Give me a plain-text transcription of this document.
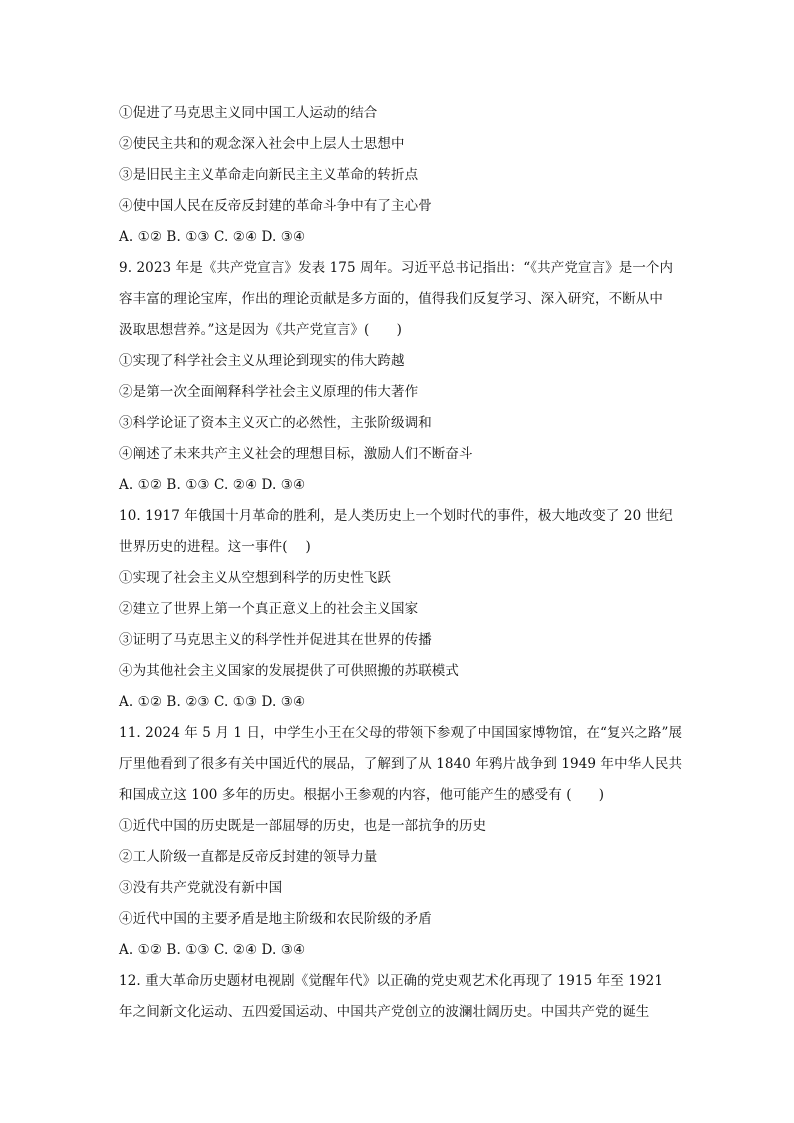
①促进了马克思主义同中国工人运动的结合
②使民主共和的观念深入社会中上层人士思想中
③是旧民主主义革命走向新民主主义革命的转折点
④使中国人民在反帝反封建的革命斗争中有了主心骨
A. ①② B. ①③ C. ②④ D. ③④
9. 2023 年是《共产党宣言》发表 175 周年。习近平总书记指出：“《共产党宣言》是一个内
容丰富的理论宝库，作出的理论贡献是多方面的，值得我们反复学习、深入研究，不断从中
汲取思想营养。”这是因为《共产党宣言》(　　)
①实现了科学社会主义从理论到现实的伟大跨越
②是第一次全面阐释科学社会主义原理的伟大著作
③科学论证了资本主义灭亡的必然性，主张阶级调和
④阐述了未来共产主义社会的理想目标，激励人们不断奋斗
A. ①② B. ①③ C. ②④ D. ③④
10. 1917 年俄国十月革命的胜利，是人类历史上一个划时代的事件，极大地改变了 20 世纪
世界历史的进程。这一事件(　 )
①实现了社会主义从空想到科学的历史性飞跃
②建立了世界上第一个真正意义上的社会主义国家
③证明了马克思主义的科学性并促进其在世界的传播
④为其他社会主义国家的发展提供了可供照搬的苏联模式
A. ①② B. ②③ C. ①③ D. ③④
11. 2024 年 5 月 1 日，中学生小王在父母的带领下参观了中国国家博物馆，在“复兴之路”展
厅里他看到了很多有关中国近代的展品，了解到了从 1840 年鸦片战争到 1949 年中华人民共
和国成立这 100 多年的历史。根据小王参观的内容，他可能产生的感受有 (　　)
①近代中国的历史既是一部屈辱的历史，也是一部抗争的历史
②工人阶级一直都是反帝反封建的领导力量
③没有共产党就没有新中国
④近代中国的主要矛盾是地主阶级和农民阶级的矛盾
A. ①② B. ①③ C. ②④ D. ③④
12. 重大革命历史题材电视剧《觉醒年代》以正确的党史观艺术化再现了 1915 年至 1921
年之间新文化运动、五四爱国运动、中国共产党创立的波澜壮阔历史。中国共产党的诞生
